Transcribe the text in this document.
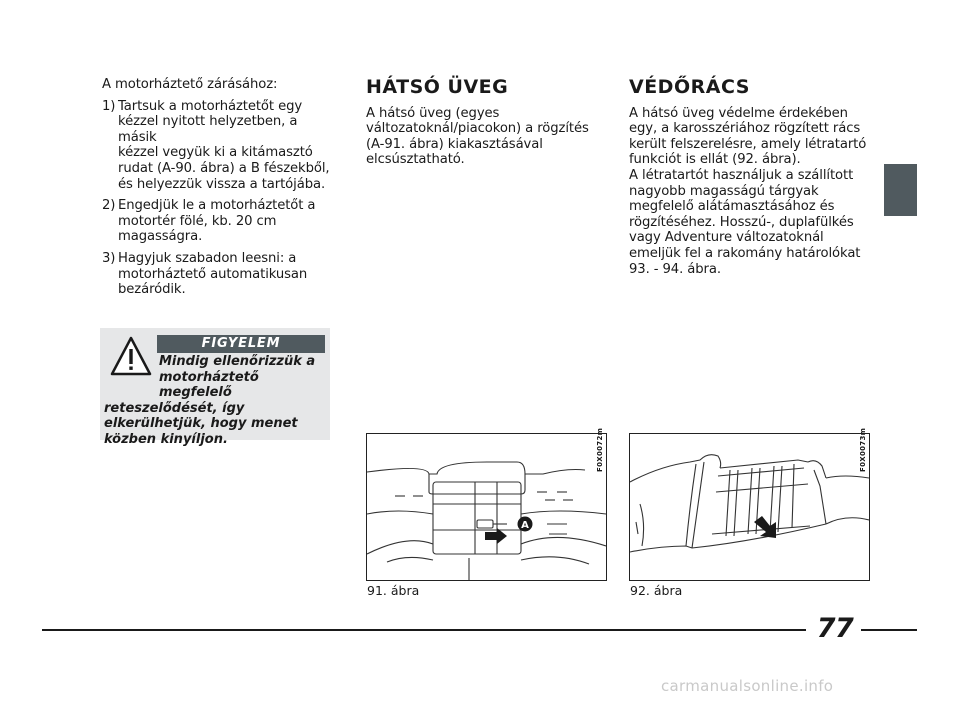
A motorháztető zárásához:

1) Tartsuk a motorháztetőt egy
kézzel nyitott helyzetben, a másik
kézzel vegyük ki a kitámasztó
rudat (A-90. ábra) a B fészekből,
és helyezzük vissza a tartójába.
2) Engedjük le a motorháztetőt a
motortér fölé, kb. 20 cm
magasságra.
3) Hagyjuk szabadon leesni: a
motorháztető automatikusan
bezáródik.
Mindig ellenőrizzük a
motorháztető megfelelő
reteszelődését, így
elkerülhetjük, hogy menet
közben kinyíljon.
FIGYELEM
HÁTSÓ ÜVEG

A hátsó üveg (egyes
változatoknál/piacokon) a rögzítés
(A-91. ábra) kiakasztásával
elcsúsztatható.

VÉDŐRÁCS

A hátsó üveg védelme érdekében
egy, a karosszériához rögzített rács
került felszerelésre, amely létratartó
funkciót is ellát (92. ábra).
A létratartót használjuk a szállított
nagyobb magasságú tárgyak
megfelelő alátámasztásához és
rögzítéséhez. Hosszú-, duplafülkés
vagy Adventure változatoknál
emeljük fel a rakomány határolókat
93. - 94. ábra.

A
F0X0072m
91. ábra
F0X0073m
92. ábra
77
carmanualsonline.info
